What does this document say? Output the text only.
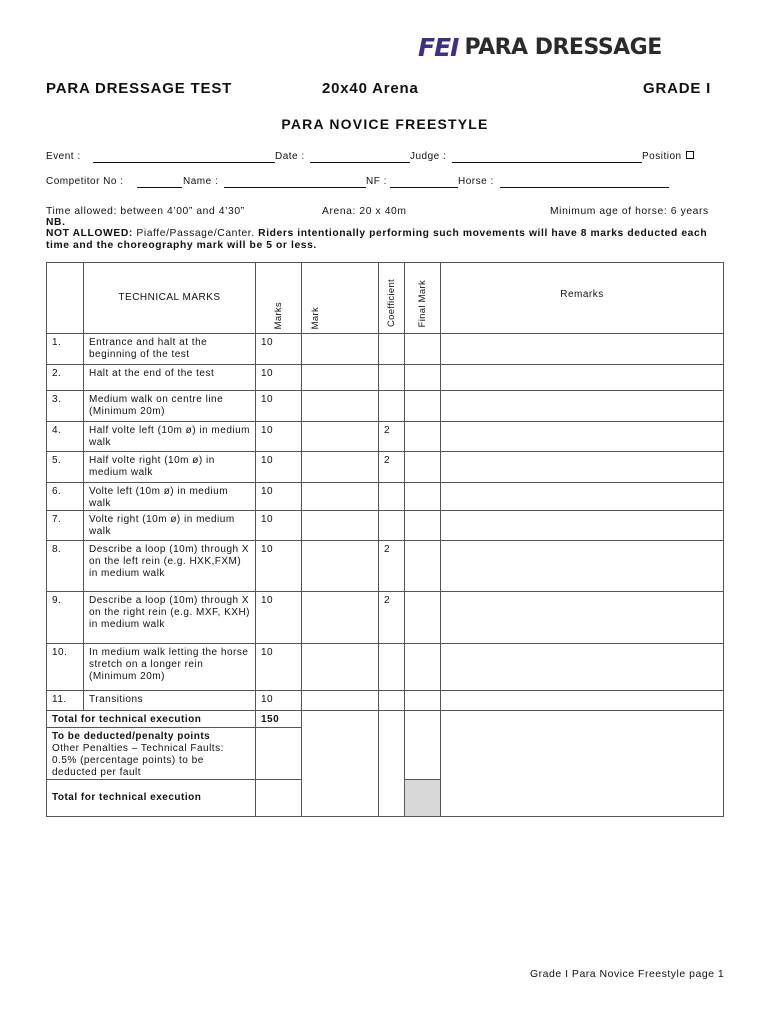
FEI PARA DRESSAGE
PARA DRESSAGE TEST	20x40 Arena	GRADE I
PARA NOVICE FREESTYLE
Event :	Date :	Judge :	Position
Competitor No :	Name :	NF :	Horse :
Time allowed: between 4’00” and 4’30”	Arena: 20 x 40m	Minimum age of horse: 6 years
NB.
NOT ALLOWED: Piaffe/Passage/Canter. Riders intentionally performing such movements will have 8 marks deducted each time and the choreography mark will be 5 or less.
	TECHNICAL MARKS	Marks	Mark	Coefficient	Final Mark	Remarks
1.	Entrance and halt at the beginning of the test	10				
2.	Halt at the end of the test	10				
3.	Medium walk on centre line (Minimum 20m)	10				
4.	Half volte left (10m ø) in medium walk	10		2		
5.	Half volte right (10m ø) in medium walk	10		2		
6.	Volte left (10m ø) in medium walk	10				
7.	Volte right (10m ø) in medium walk	10				
8.	Describe a loop (10m) through X on the left rein (e.g. HXK,FXM) in medium walk	10		2		
9.	Describe a loop (10m) through X on the right rein (e.g. MXF, KXH) in medium walk	10		2		
10.	In medium walk letting the horse stretch on a longer rein (Minimum 20m)	10				
11.	Transitions	10				
Total for technical execution		150				

To be deducted/penalty points
Other Penalties – Technical Faults: 0.5% (percentage points) to be deducted per fault						

Total for technical execution						
Grade I Para Novice Freestyle page 1
